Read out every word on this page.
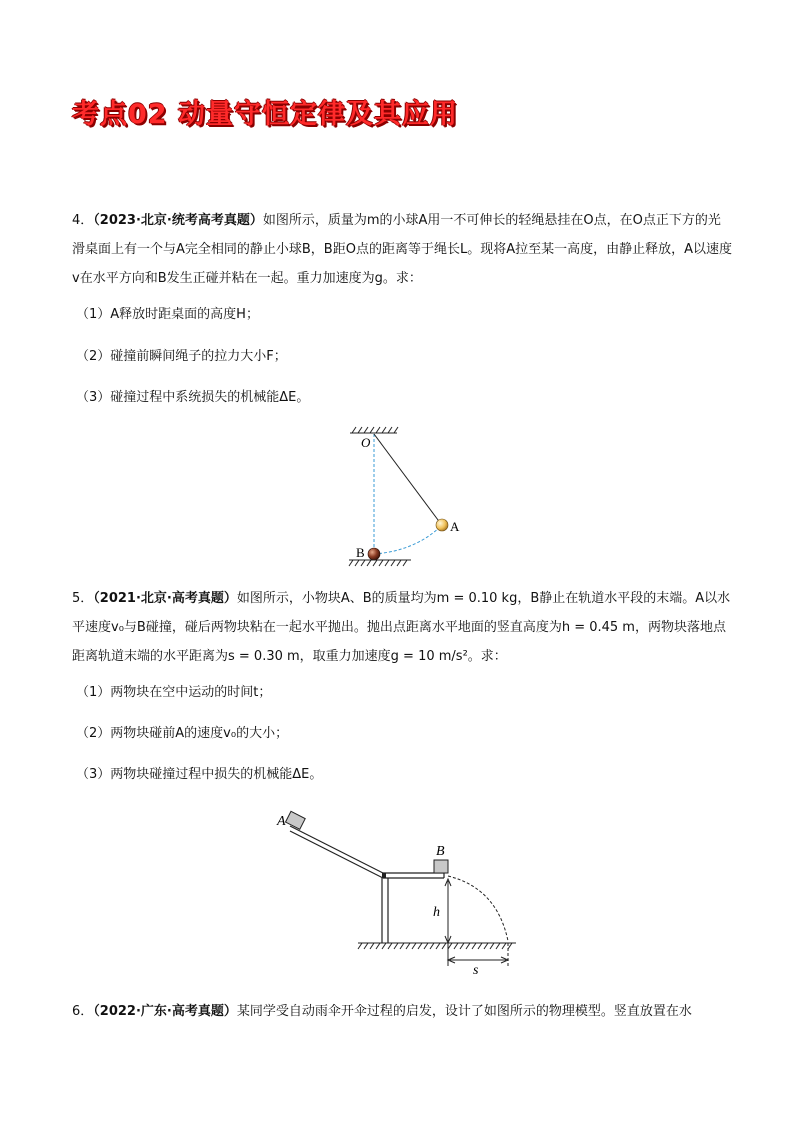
考点02 动量守恒定律及其应用

4．（2023·北京·统考高考真题）如图所示，质量为m的小球A用一不可伸长的轻绳悬挂在O点，在O点正下方的光滑桌面上有一个与A完全相同的静止小球B，B距O点的距离等于绳长L。现将A拉至某一高度，由静止释放，A以速度v在水平方向和B发生正碰并粘在一起。重力加速度为g。求：

（1）A释放时距桌面的高度H；

（2）碰撞前瞬间绳子的拉力大小F；

（3）碰撞过程中系统损失的机械能ΔE。

O
A
B

5．（2021·北京·高考真题）如图所示，小物块A、B的质量均为m = 0.10 kg，B静止在轨道水平段的末端。A以水平速度v₀与B碰撞，碰后两物块粘在一起水平抛出。抛出点距离水平地面的竖直高度为h = 0.45 m，两物块落地点距离轨道末端的水平距离为s = 0.30 m，取重力加速度g = 10 m/s²。求：

（1）两物块在空中运动的时间t；

（2）两物块碰前A的速度v₀的大小；

（3）两物块碰撞过程中损失的机械能ΔE。

A
B
h
s

6．（2022·广东·高考真题）某同学受自动雨伞开伞过程的启发，设计了如图所示的物理模型。竖直放置在水
